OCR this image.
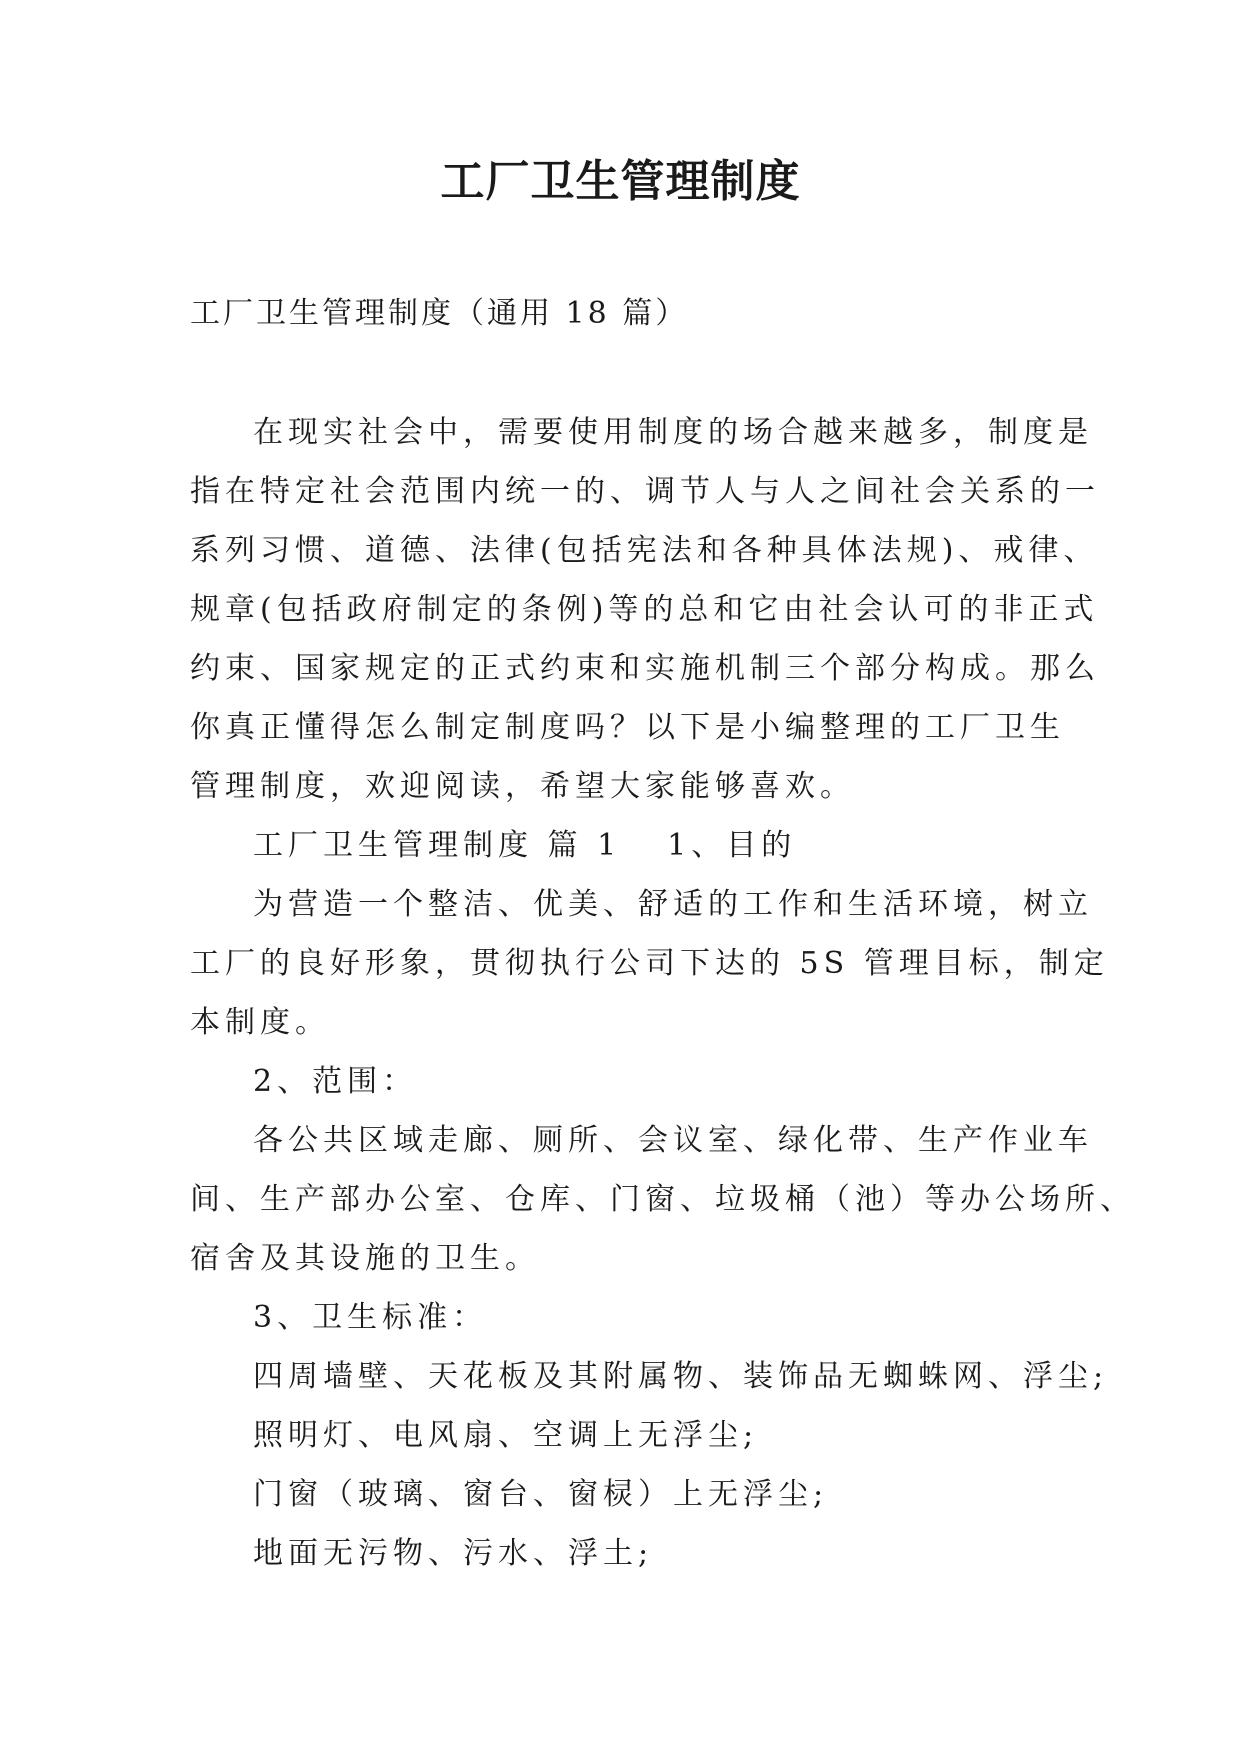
工厂卫生管理制度

工厂卫生管理制度（通用 18 篇）

在现实社会中，需要使用制度的场合越来越多，制度是
指在特定社会范围内统一的、调节人与人之间社会关系的一
系列习惯、道德、法律(包括宪法和各种具体法规)、戒律、
规章(包括政府制定的条例)等的总和它由社会认可的非正式
约束、国家规定的正式约束和实施机制三个部分构成。那么
你真正懂得怎么制定制度吗？以下是小编整理的工厂卫生
管理制度，欢迎阅读，希望大家能够喜欢。
工厂卫生管理制度 篇 1 1、目的
为营造一个整洁、优美、舒适的工作和生活环境，树立
工厂的良好形象，贯彻执行公司下达的 5S 管理目标，制定
本制度。
2、范围：
各公共区域走廊、厕所、会议室、绿化带、生产作业车
间、生产部办公室、仓库、门窗、垃圾桶（池）等办公场所、
宿舍及其设施的卫生。
3、卫生标准：
四周墙壁、天花板及其附属物、装饰品无蜘蛛网、浮尘;
照明灯、电风扇、空调上无浮尘;
门窗（玻璃、窗台、窗棂）上无浮尘;
地面无污物、污水、浮土;
